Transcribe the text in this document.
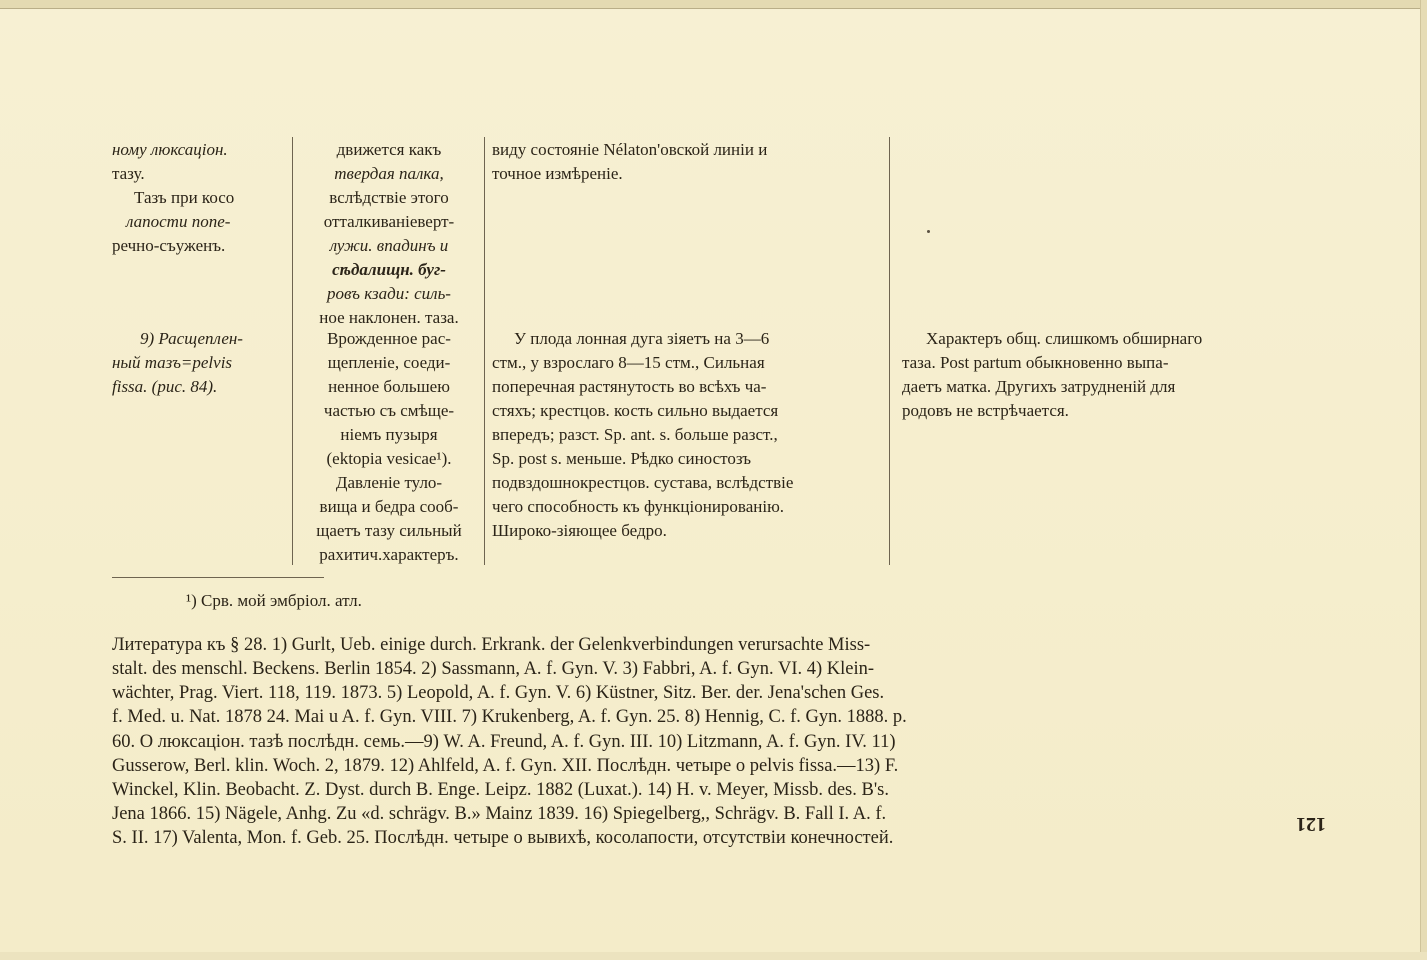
ному люксаціон.
тазу.
Тазъ при косо
лапости попе-
речно-съуженъ.
9) Расщеплен-
ный тазъ=pelvis
fissa. (рис. 84).
движется какъ
твердая палка,
вслѣдствіе этого
отталкиваніеверт-
лужи. впадинъ и
сѣдалищн. буг-
ровъ кзади: силь-
ное наклонен. таза.
Врожденное рас-
щепленіе, соеди-
ненное большею
частью съ смѣще-
ніемъ пузыря
(ektopia vesicae¹).
Давленіе туло-
вища и бедра сооб-
щаетъ тазу сильный
рахитич.характеръ.
виду состояніе Nélaton'овской линіи и
точное измѣреніе.
У плода лонная дуга зіяетъ на 3—6
стм., у взрослаго 8—15 стм., Сильная
поперечная растянутость во всѣхъ ча-
стяхъ; крестцов. кость сильно выдается
впередъ; разст. Sp. ant. s. больше разст.,
Sp. post s. меньше. Рѣдко синостозъ
подвздошнокрестцов. сустава, вслѣдствіе
чего способность къ функціонированію.
Широко-зіяющее бедро.
Характеръ общ. слишкомъ обширнаго
таза. Post partum обыкновенно выпа-
даетъ матка. Другихъ затрудненій для
родовъ не встрѣчается.
¹) Срв. мой эмбріол. атл.
Литература къ § 28. 1) Gurlt, Ueb. einige durch. Erkrank. der Gelenkverbindungen verursachte Miss-
stalt. des menschl. Beckens. Berlin 1854. 2) Sassmann, A. f. Gyn. V. 3) Fabbri, A. f. Gyn. VI. 4) Klein-
wächter, Prag. Viert. 118, 119. 1873. 5) Leopold, A. f. Gyn. V. 6) Küstner, Sitz. Ber. der. Jena'schen Ges.
f. Med. u. Nat. 1878 24. Mai u A. f. Gyn. VIII. 7) Krukenberg, A. f. Gyn. 25. 8) Hennig, C. f. Gyn. 1888. p.
60. О люксаціон. тазѣ послѣдн. семь.—9) W. A. Freund, A. f. Gyn. III. 10) Litzmann, A. f. Gyn. IV. 11)
Gusserow, Berl. klin. Woch. 2, 1879. 12) Ahlfeld, A. f. Gyn. XII. Послѣдн. четыре о pelvis fissa.—13) F.
Winckel, Klin. Beobacht. Z. Dyst. durch B. Enge. Leipz. 1882 (Luxat.). 14) H. v. Meyer, Missb. des. B's.
Jena 1866. 15) Nägele, Anhg. Zu «d. schrägv. B.» Mainz 1839. 16) Spiegelberg,, Schrägv. B. Fall I. A. f.
S. II. 17) Valenta, Mon. f. Geb. 25. Послѣдн. четыре о вывихѣ, косолапости, отсутствіи конечностей.
121
